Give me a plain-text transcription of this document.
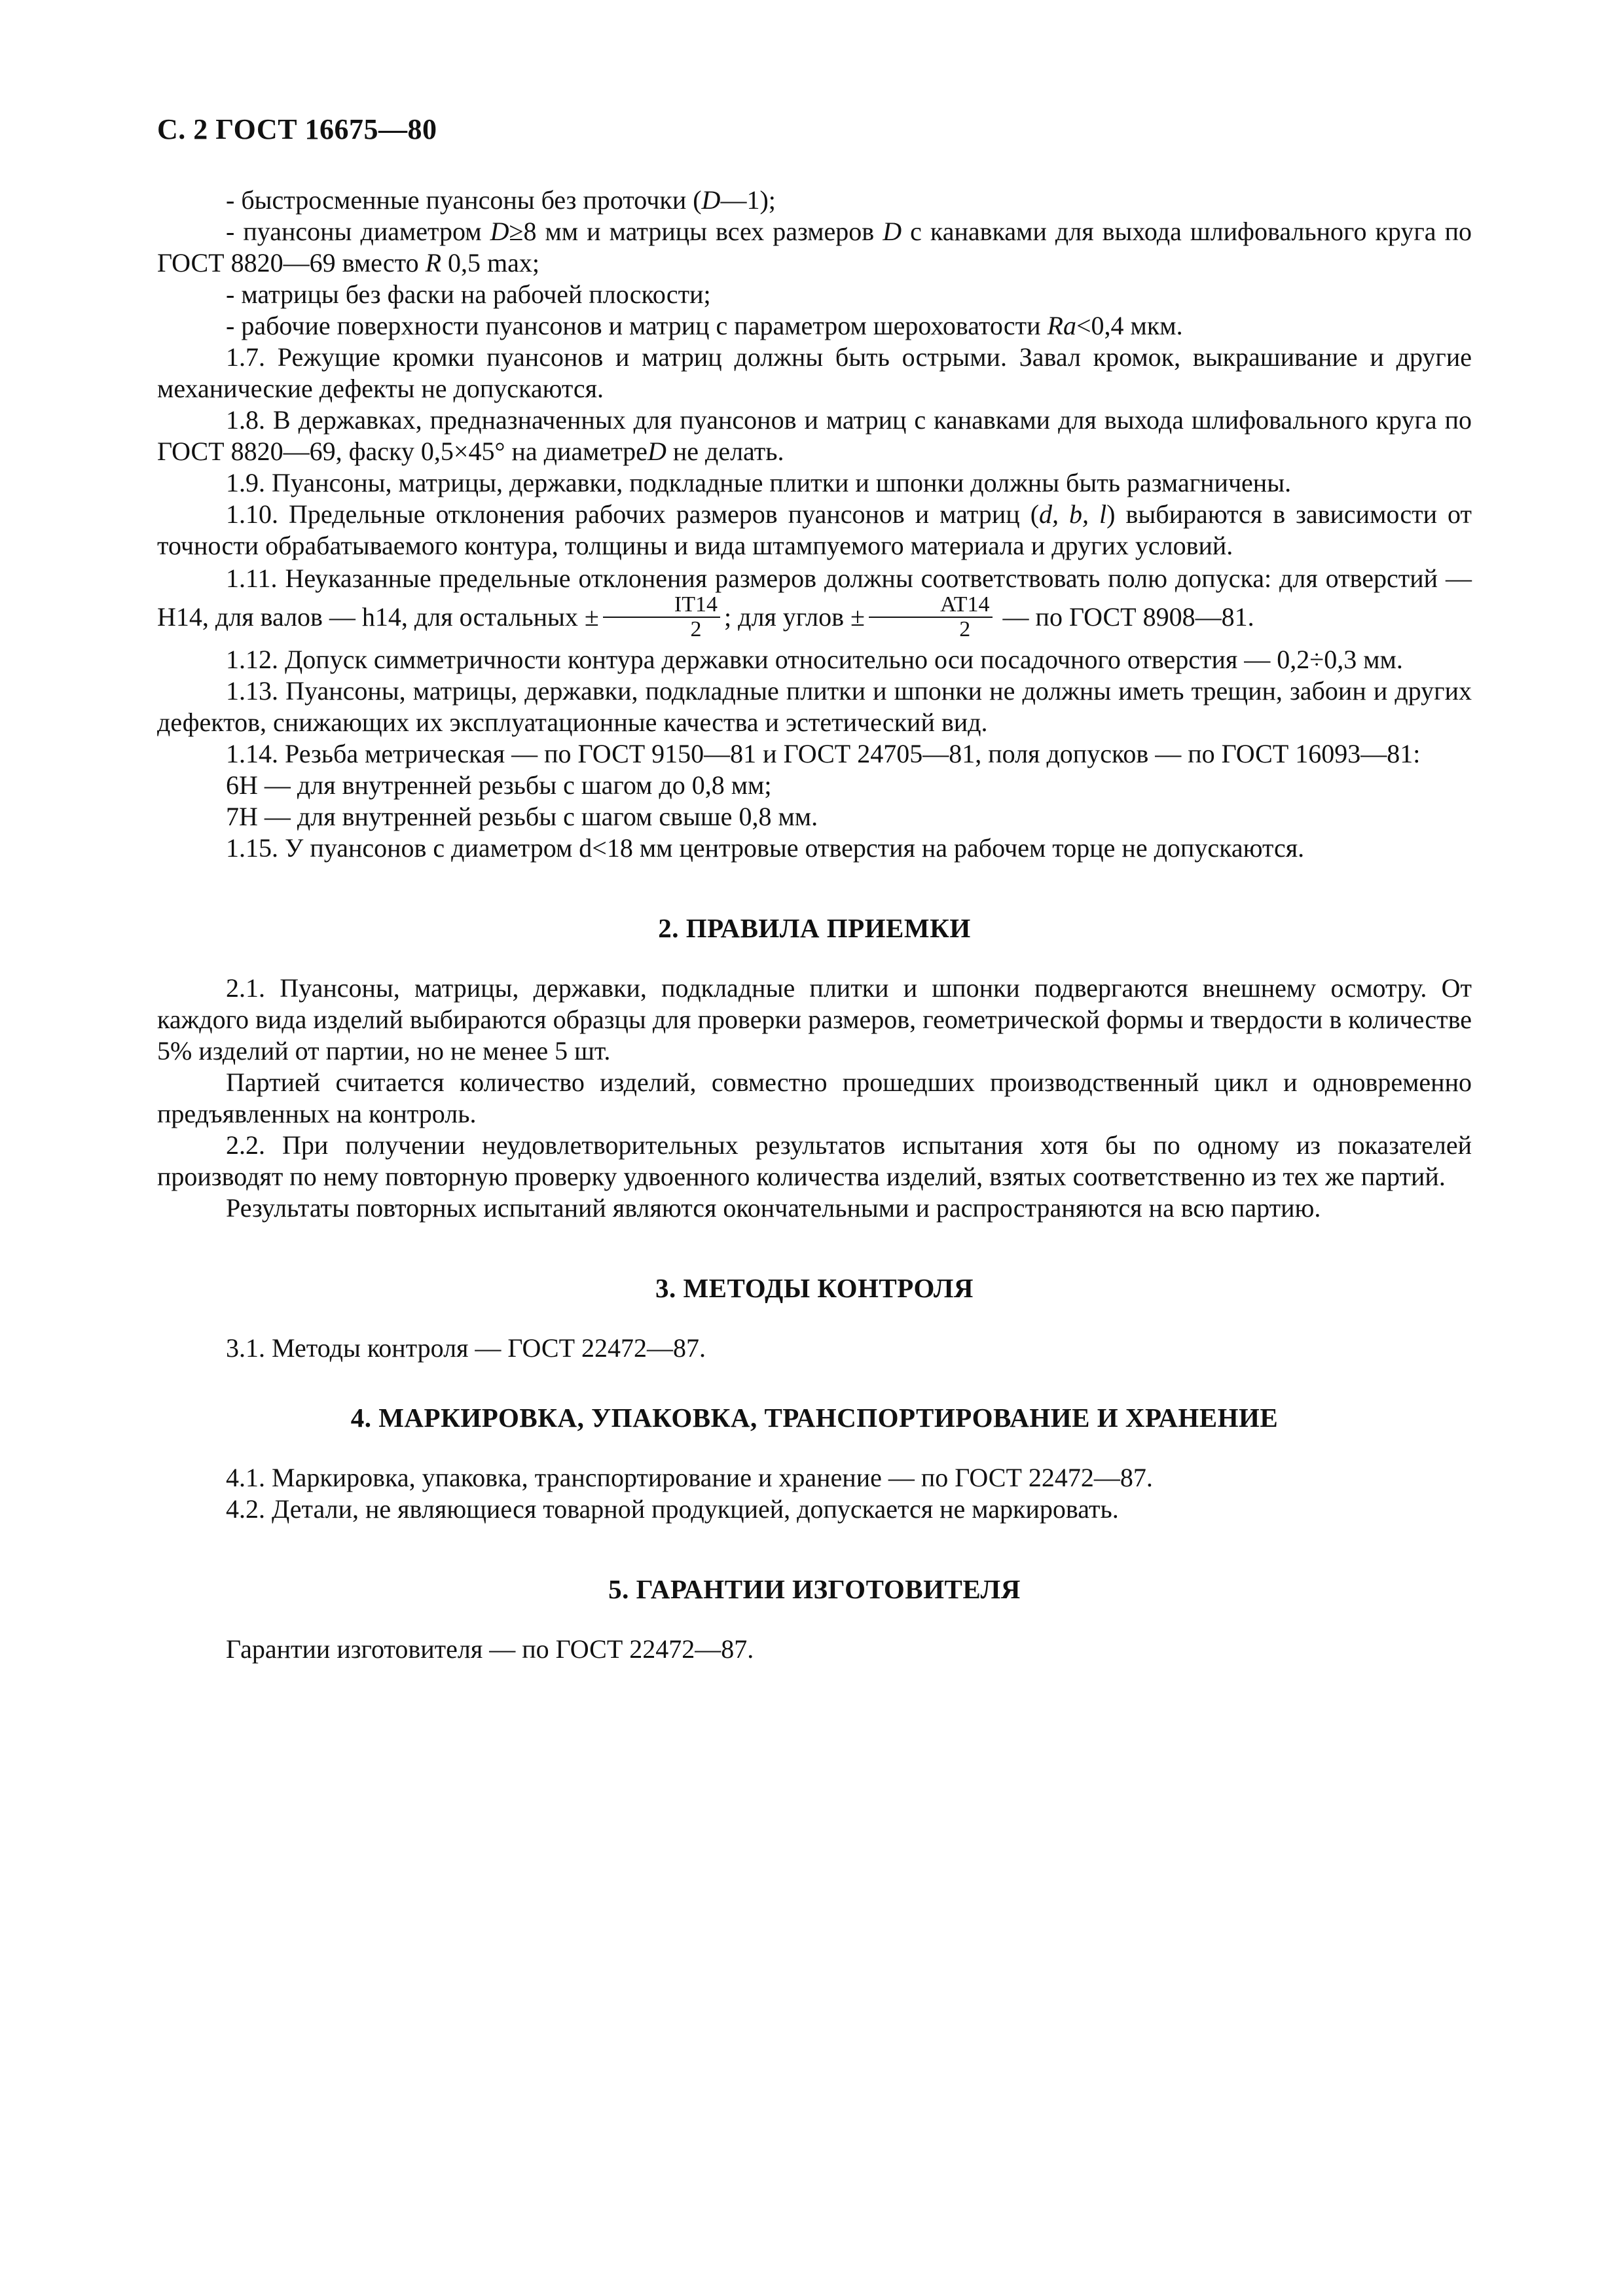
С. 2 ГОСТ 16675—80

- быстросменные пуансоны без проточки (D—1);

- пуансоны диаметром D≥8 мм и матрицы всех размеров D с канавками для выхода шлифовального круга по ГОСТ 8820—69 вместо R 0,5 max;

- матрицы без фаски на рабочей плоскости;

- рабочие поверхности пуансонов и матриц с параметром шероховатости Ra<0,4 мкм.

1.7. Режущие кромки пуансонов и матриц должны быть острыми. Завал кромок, выкрашивание и другие механические дефекты не допускаются.

1.8. В державках, предназначенных для пуансонов и матриц с канавками для выхода шлифовального круга по ГОСТ 8820—69, фаску 0,5×45° на диаметреD не делать.

1.9. Пуансоны, матрицы, державки, подкладные плитки и шпонки должны быть размагничены.

1.10. Предельные отклонения рабочих размеров пуансонов и матриц (d, b, l) выбираются в зависимости от точности обрабатываемого контура, толщины и вида штампуемого материала и других условий.

1.11. Неуказанные предельные отклонения размеров должны соответствовать полю допуска: для отверстий — Н14, для валов — h14, для остальных ± $\frac{IT14}{2}$ ; для углов ± $\frac{AT14}{2}$ — по ГОСТ 8908—81.

1.12. Допуск симметричности контура державки относительно оси посадочного отверстия — 0,2÷0,3 мм.

1.13. Пуансоны, матрицы, державки, подкладные плитки и шпонки не должны иметь трещин, забоин и других дефектов, снижающих их эксплуатационные качества и эстетический вид.

1.14. Резьба метрическая — по ГОСТ 9150—81 и ГОСТ 24705—81, поля допусков — по ГОСТ 16093—81:

6H — для внутренней резьбы с шагом до 0,8 мм;

7H — для внутренней резьбы с шагом свыше 0,8 мм.

1.15. У пуансонов с диаметром d<18 мм центровые отверстия на рабочем торце не допускаются.

2. ПРАВИЛА ПРИЕМКИ

2.1. Пуансоны, матрицы, державки, подкладные плитки и шпонки подвергаются внешнему осмотру. От каждого вида изделий выбираются образцы для проверки размеров, геометрической формы и твердости в количестве 5% изделий от партии, но не менее 5 шт.

Партией считается количество изделий, совместно прошедших производственный цикл и одновременно предъявленных на контроль.

2.2. При получении неудовлетворительных результатов испытания хотя бы по одному из показателей производят по нему повторную проверку удвоенного количества изделий, взятых соответственно из тех же партий.

Результаты повторных испытаний являются окончательными и распространяются на всю партию.

3. МЕТОДЫ КОНТРОЛЯ

3.1. Методы контроля — ГОСТ 22472—87.

4. МАРКИРОВКА, УПАКОВКА, ТРАНСПОРТИРОВАНИЕ И ХРАНЕНИЕ

4.1. Маркировка, упаковка, транспортирование и хранение — по ГОСТ 22472—87.

4.2. Детали, не являющиеся товарной продукцией, допускается не маркировать.

5. ГАРАНТИИ ИЗГОТОВИТЕЛЯ

Гарантии изготовителя — по ГОСТ 22472—87.
